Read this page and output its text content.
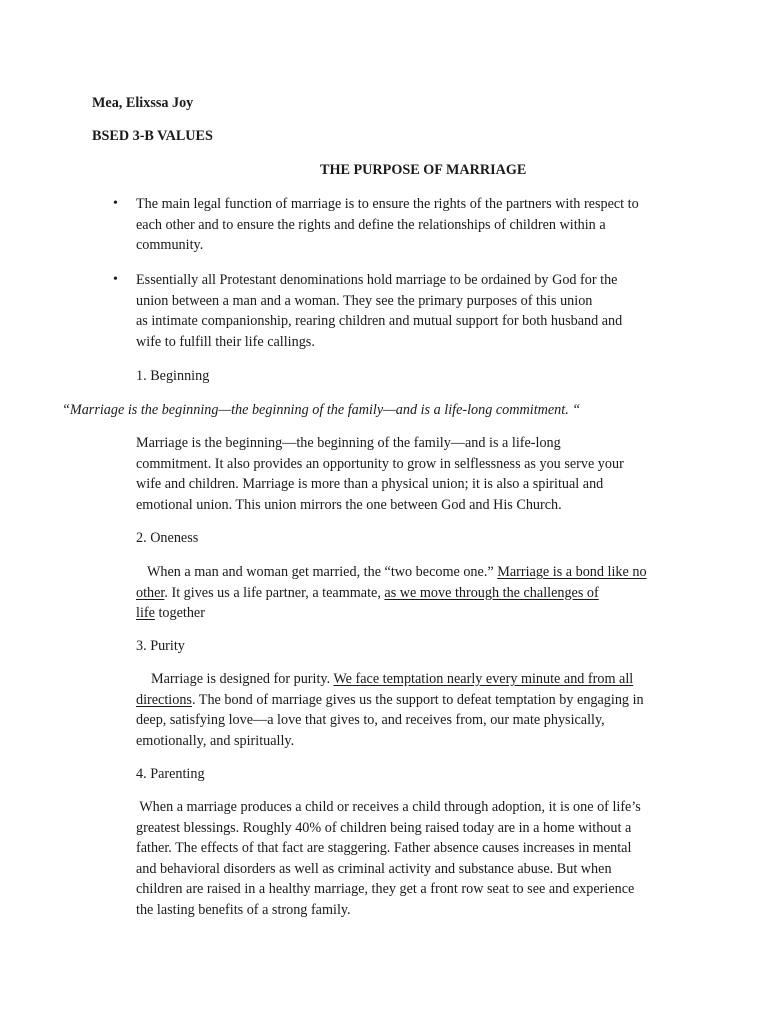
Mea, Elixssa Joy
BSED 3-B VALUES
THE PURPOSE OF MARRIAGE
• The main legal function of marriage is to ensure the rights of the partners with respect to
each other and to ensure the rights and define the relationships of children within a
community.
• Essentially all Protestant denominations hold marriage to be ordained by God for the
union between a man and a woman. They see the primary purposes of this union
as intimate companionship, rearing children and mutual support for both husband and
wife to fulfill their life callings.
1. Beginning
“Marriage is the beginning—the beginning of the family—and is a life-long commitment. “
Marriage is the beginning—the beginning of the family—and is a life-long
commitment. It also provides an opportunity to grow in selflessness as you serve your
wife and children. Marriage is more than a physical union; it is also a spiritual and
emotional union. This union mirrors the one between God and His Church.
2. Oneness
When a man and woman get married, the “two become one.” Marriage is a bond like no
other. It gives us a life partner, a teammate, as we move through the challenges of
life together
3. Purity
Marriage is designed for purity. We face temptation nearly every minute and from all
directions. The bond of marriage gives us the support to defeat temptation by engaging in
deep, satisfying love—a love that gives to, and receives from, our mate physically,
emotionally, and spiritually.
4. Parenting
When a marriage produces a child or receives a child through adoption, it is one of life’s
greatest blessings. Roughly 40% of children being raised today are in a home without a
father. The effects of that fact are staggering. Father absence causes increases in mental
and behavioral disorders as well as criminal activity and substance abuse. But when
children are raised in a healthy marriage, they get a front row seat to see and experience
the lasting benefits of a strong family.
